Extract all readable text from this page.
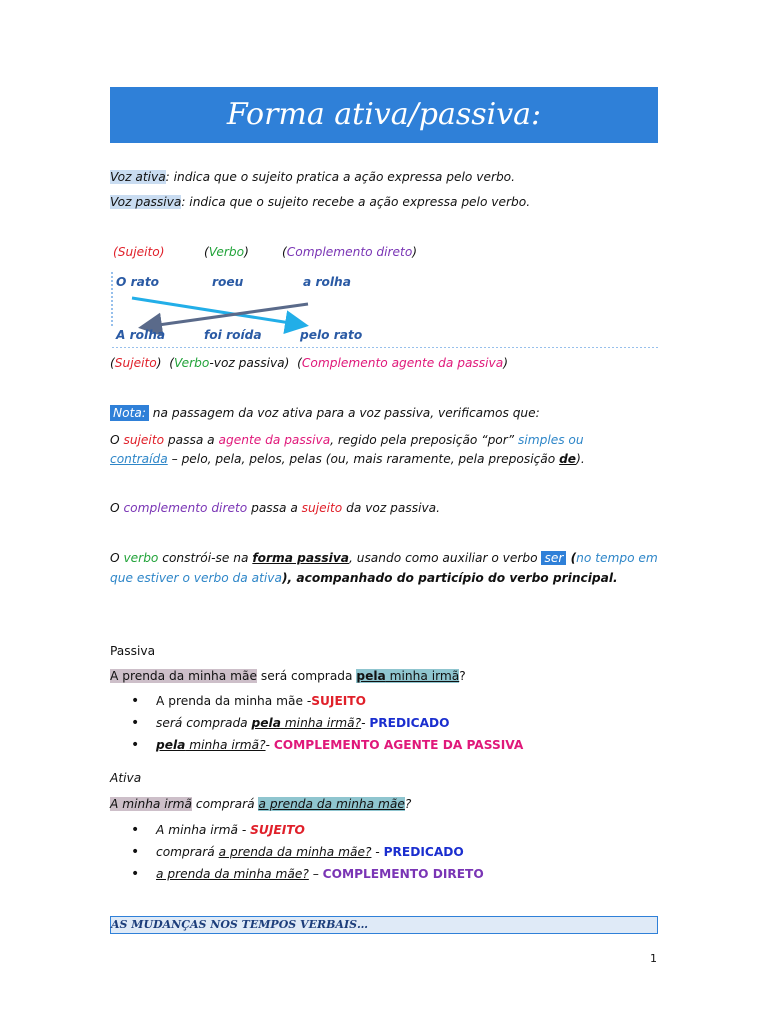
Forma ativa/passiva:
Voz ativa: indica que o sujeito pratica a ação expressa pelo verbo.
Voz passiva: indica que o sujeito recebe a ação expressa pelo verbo.
(Sujeito)	(Verbo)	(Complemento direto)
O rato	roeu	a rolha
A rolha	foi roída	pelo rato
(Sujeito)  (Verbo-voz passiva)  (Complemento agente da passiva)
Nota: na passagem da voz ativa para a voz passiva, verificamos que:
O sujeito passa a agente da passiva, regido pela preposição “por” simples ou
contraída – pelo, pela, pelos, pelas (ou, mais raramente, pela preposição de).
O complemento direto passa a sujeito da voz passiva.
O verbo constrói-se na forma passiva, usando como auxiliar o verbo ser (no tempo em
que estiver o verbo da ativa), acompanhado do particípio do verbo principal.
Passiva
A prenda da minha mãe será comprada pela minha irmã?
• A prenda da minha mãe -SUJEITO
• será comprada pela minha irmã?- PREDICADO
• pela minha irmã?- COMPLEMENTO AGENTE DA PASSIVA
Ativa
A minha irmã comprará a prenda da minha mãe?
• A minha irmã - SUJEITO
• comprará a prenda da minha mãe? - PREDICADO
• a prenda da minha mãe? – COMPLEMENTO DIRETO
AS MUDANÇAS NOS TEMPOS VERBAIS…
1
